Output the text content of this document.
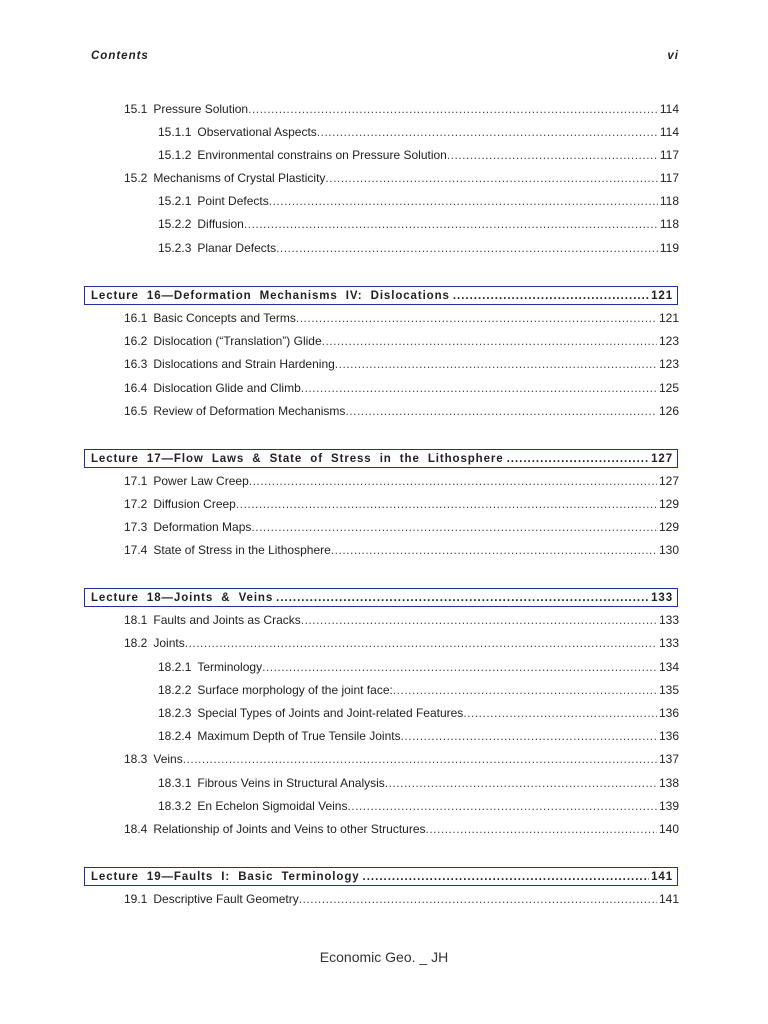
Contents	vi
15.1 Pressure Solution .....	114
15.1.1 Observational Aspects .....	114
15.1.2 Environmental constrains on Pressure Solution .....	117
15.2 Mechanisms of Crystal Plasticity .....	117
15.2.1 Point Defects .....	118
15.2.2 Diffusion .....	118
15.2.3 Planar Defects .....	119
Lecture 16—Deformation Mechanisms IV: Dislocations .....	121
16.1 Basic Concepts and Terms .....	121
16.2 Dislocation (“Translation”) Glide .....	123
16.3 Dislocations and Strain Hardening .....	123
16.4 Dislocation Glide and Climb .....	125
16.5 Review of Deformation Mechanisms .....	126
Lecture 17—Flow Laws & State of Stress in the Lithosphere .....	127
17.1 Power Law Creep .....	127
17.2 Diffusion Creep .....	129
17.3 Deformation Maps .....	129
17.4 State of Stress in the Lithosphere .....	130
Lecture 18—Joints & Veins .....	133
18.1 Faults and Joints as Cracks .....	133
18.2 Joints .....	133
18.2.1 Terminology .....	134
18.2.2 Surface morphology of the joint face: .....	135
18.2.3 Special Types of Joints and Joint-related Features .....	136
18.2.4 Maximum Depth of True Tensile Joints .....	136
18.3 Veins .....	137
18.3.1 Fibrous Veins in Structural Analysis .....	138
18.3.2 En Echelon Sigmoidal Veins .....	139
18.4 Relationship of Joints and Veins to other Structures .....	140
Lecture 19—Faults I: Basic Terminology .....	141
19.1 Descriptive Fault Geometry .....	141
Economic Geo. _ JH
